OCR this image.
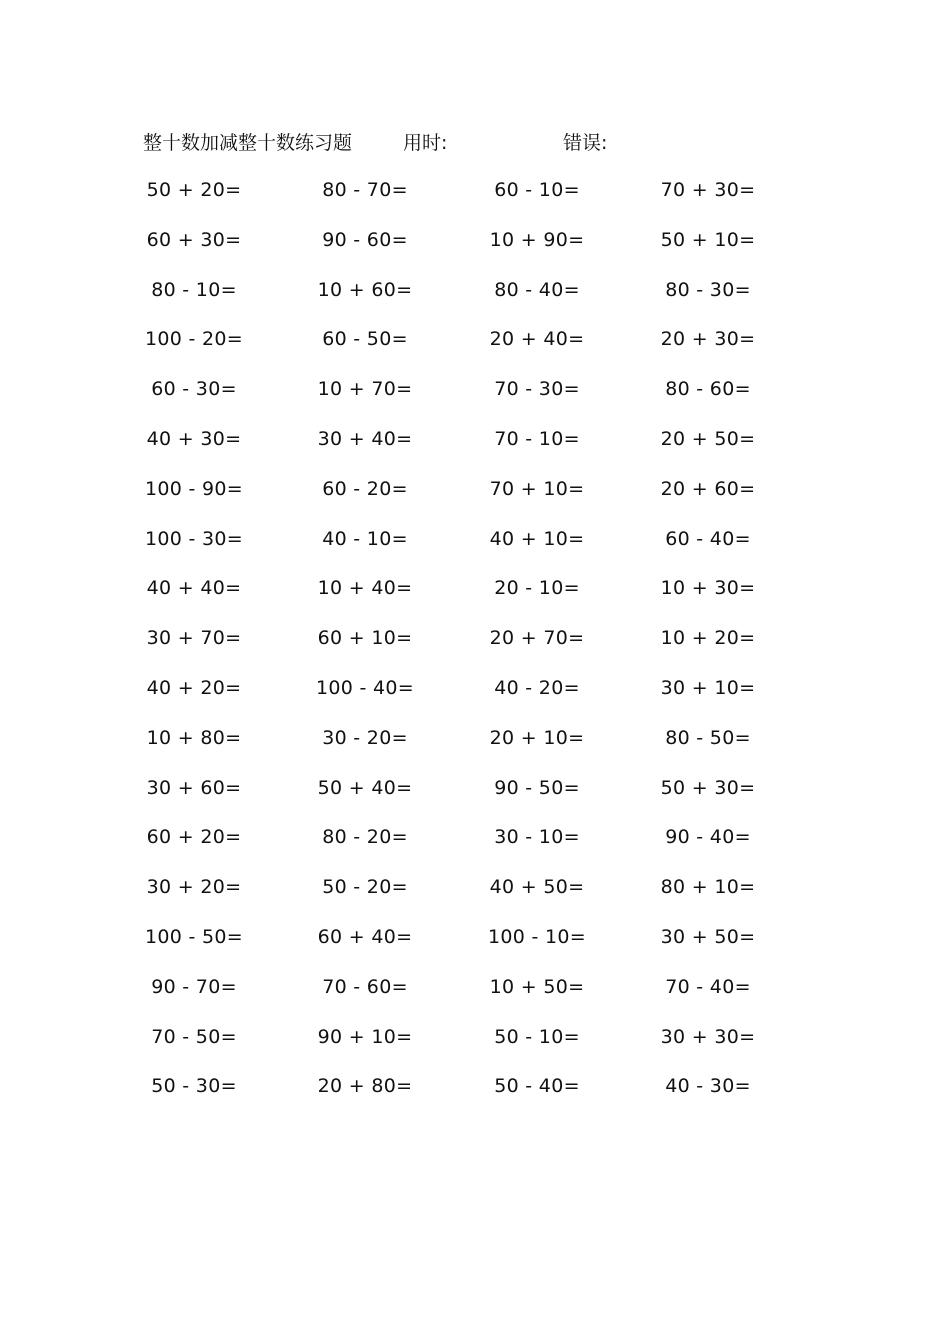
整十数加减整十数练习题	用时:	错误:
50 + 20=	80 - 70=	60 - 10=	70 + 30=
60 + 30=	90 - 60=	10 + 90=	50 + 10=
80 - 10=	10 + 60=	80 - 40=	80 - 30=
100 - 20=	60 - 50=	20 + 40=	20 + 30=
60 - 30=	10 + 70=	70 - 30=	80 - 60=
40 + 30=	30 + 40=	70 - 10=	20 + 50=
100 - 90=	60 - 20=	70 + 10=	20 + 60=
100 - 30=	40 - 10=	40 + 10=	60 - 40=
40 + 40=	10 + 40=	20 - 10=	10 + 30=
30 + 70=	60 + 10=	20 + 70=	10 + 20=
40 + 20=	100 - 40=	40 - 20=	30 + 10=
10 + 80=	30 - 20=	20 + 10=	80 - 50=
30 + 60=	50 + 40=	90 - 50=	50 + 30=
60 + 20=	80 - 20=	30 - 10=	90 - 40=
30 + 20=	50 - 20=	40 + 50=	80 + 10=
100 - 50=	60 + 40=	100 - 10=	30 + 50=
90 - 70=	70 - 60=	10 + 50=	70 - 40=
70 - 50=	90 + 10=	50 - 10=	30 + 30=
50 - 30=	20 + 80=	50 - 40=	40 - 30=
